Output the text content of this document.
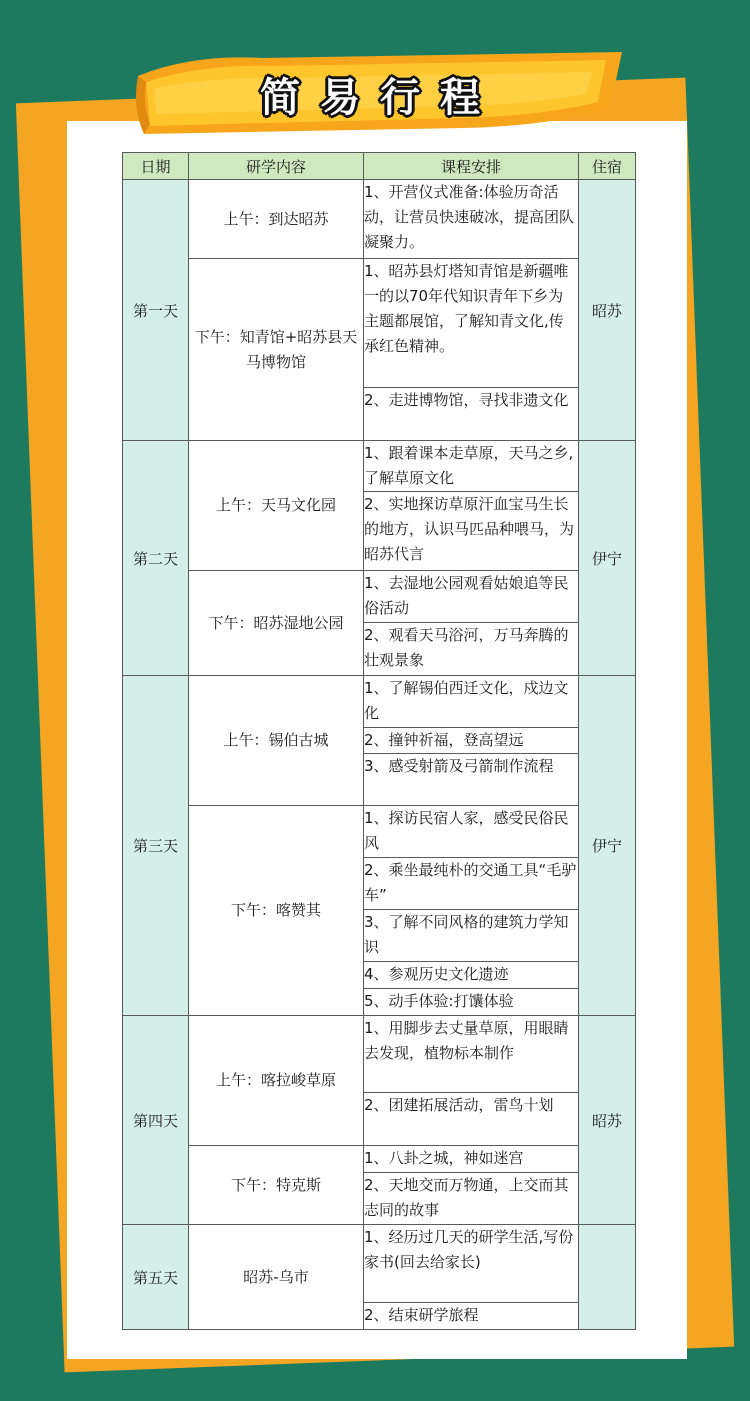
简易行程
日期	研学内容	课程安排	住宿
第一天	上午：到达昭苏	1、开营仪式准备:体验历奇活动，让营员快速破冰，提高团队凝聚力。	昭苏
	下午：知青馆+昭苏县天马博物馆	1、昭苏县灯塔知青馆是新疆唯一的以70年代知识青年下乡为主题都展馆，了解知青文化,传承红色精神。	
		2、走进博物馆，寻找非遗文化	
第二天	上午：天马文化园	1、跟着课本走草原，天马之乡,了解草原文化	伊宁
		2、实地探访草原汗血宝马生长的地方，认识马匹品种喂马，为昭苏代言	
	下午：昭苏湿地公园	1、去湿地公园观看姑娘追等民俗活动	
		2、观看天马浴河，万马奔腾的壮观景象	
第三天	上午：锡伯古城	1、了解锡伯西迁文化，戍边文化	伊宁
		2、撞钟祈福，登高望远	
		3、感受射箭及弓箭制作流程	
	下午：喀赞其	1、探访民宿人家，感受民俗民风	
		2、乘坐最纯朴的交通工具“毛驴车”	
		3、了解不同风格的建筑力学知识	
		4、参观历史文化遗迹	
		5、动手体验:打馕体验	
第四天	上午：喀拉峻草原	1、用脚步去丈量草原，用眼睛去发现，植物标本制作	昭苏
		2、团建拓展活动，雷鸟十划	
	下午：特克斯	1、八卦之城，神如迷宫	
		2、天地交而万物通，上交而其志同的故事	
第五天	昭苏-乌市	1、经历过几天的研学生活,写份家书(回去给家长)	
		2、结束研学旅程	
